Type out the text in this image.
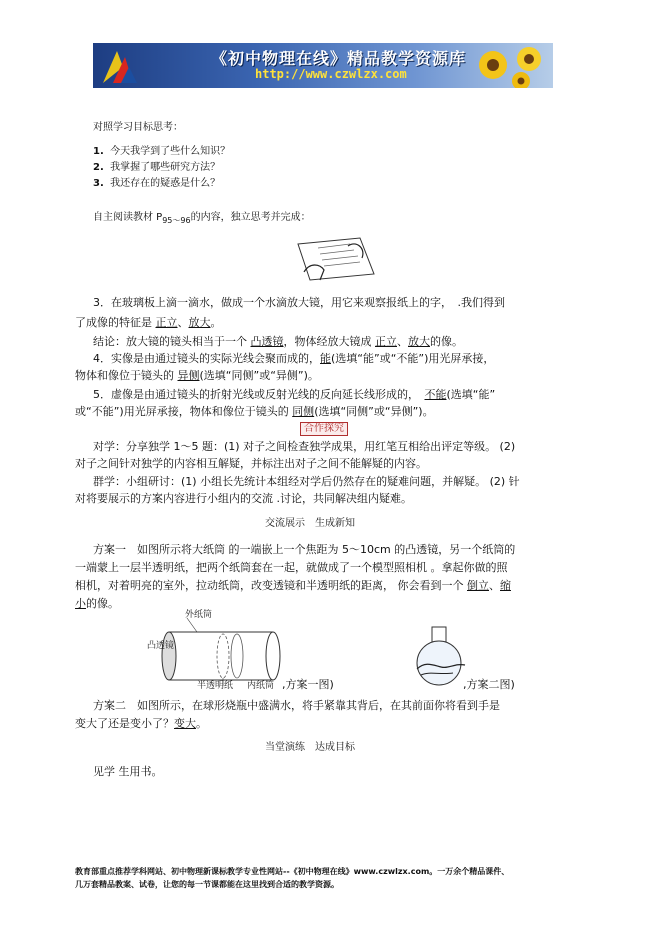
《初中物理在线》精品教学资源库
http://www.czwlzx.com
对照学习目标思考：
1. 今天我学到了些什么知识？
2. 我掌握了哪些研究方法？
3. 我还存在的疑惑是什么？
自主阅读教材 $P_{95\sim 96}$的内容，独立思考并完成：
3．在玻璃板上滴一滴水，做成一个水滴放大镜，用它来观察报纸上的字，　.我们得到
了成像的特征是 正立、放大。
结论：放大镜的镜头相当于一个 凸透镜，物体经放大镜成 正立、放大的像。
4．实像是由通过镜头的实际光线会聚而成的，能(选填“能”或“不能”)用光屏承接，
物体和像位于镜头的 异侧(选填“同侧”或“异侧”)。
5．虚像是由通过镜头的折射光线或反射光线的反向延长线形成的，　不能(选填“能”
或“不能”)用光屏承接，物体和像位于镜头的 同侧(选填“同侧”或“异侧”)。
合作探究
对学：分享独学 1～5 题：(1) 对子之间检查独学成果，用红笔互相给出评定等级。 (2)
对子之间针对独学的内容相互解疑，并标注出对子之间不能解疑的内容。
群学：小组研讨：(1) 小组长先统计本组经对学后仍然存在的疑难问题，并解疑。 (2) 针
对将要展示的方案内容进行小组内的交流 .讨论，共同解决组内疑难。
交流展示　生成新知
方案一　如图所示将大纸筒 的一端嵌上一个焦距为 5～10cm 的凸透镜，另一个纸筒的
一端蒙上一层半透明纸，把两个纸筒套在一起，就做成了一个模型照相机 。拿起你做的照
相机，对着明亮的室外，拉动纸筒，改变透镜和半透明纸的距离， 你会看到一个 倒立、缩
小的像。
外纸筒
凸透镜
半透明纸 内纸筒 ,方案一图)	,方案二图)
方案二　如图所示，在球形烧瓶中盛满水，将手紧靠其背后，在其前面你将看到手是
变大了还是变小了？变大。
当堂演练　达成目标
见学 生用书。
教育部重点推荐学科网站、初中物理新课标教学专业性网站--《初中物理在线》www.czwlzx.com。一万余个精品课件、
几万套精品教案、试卷，让您的每一节课都能在这里找到合适的教学资源。
